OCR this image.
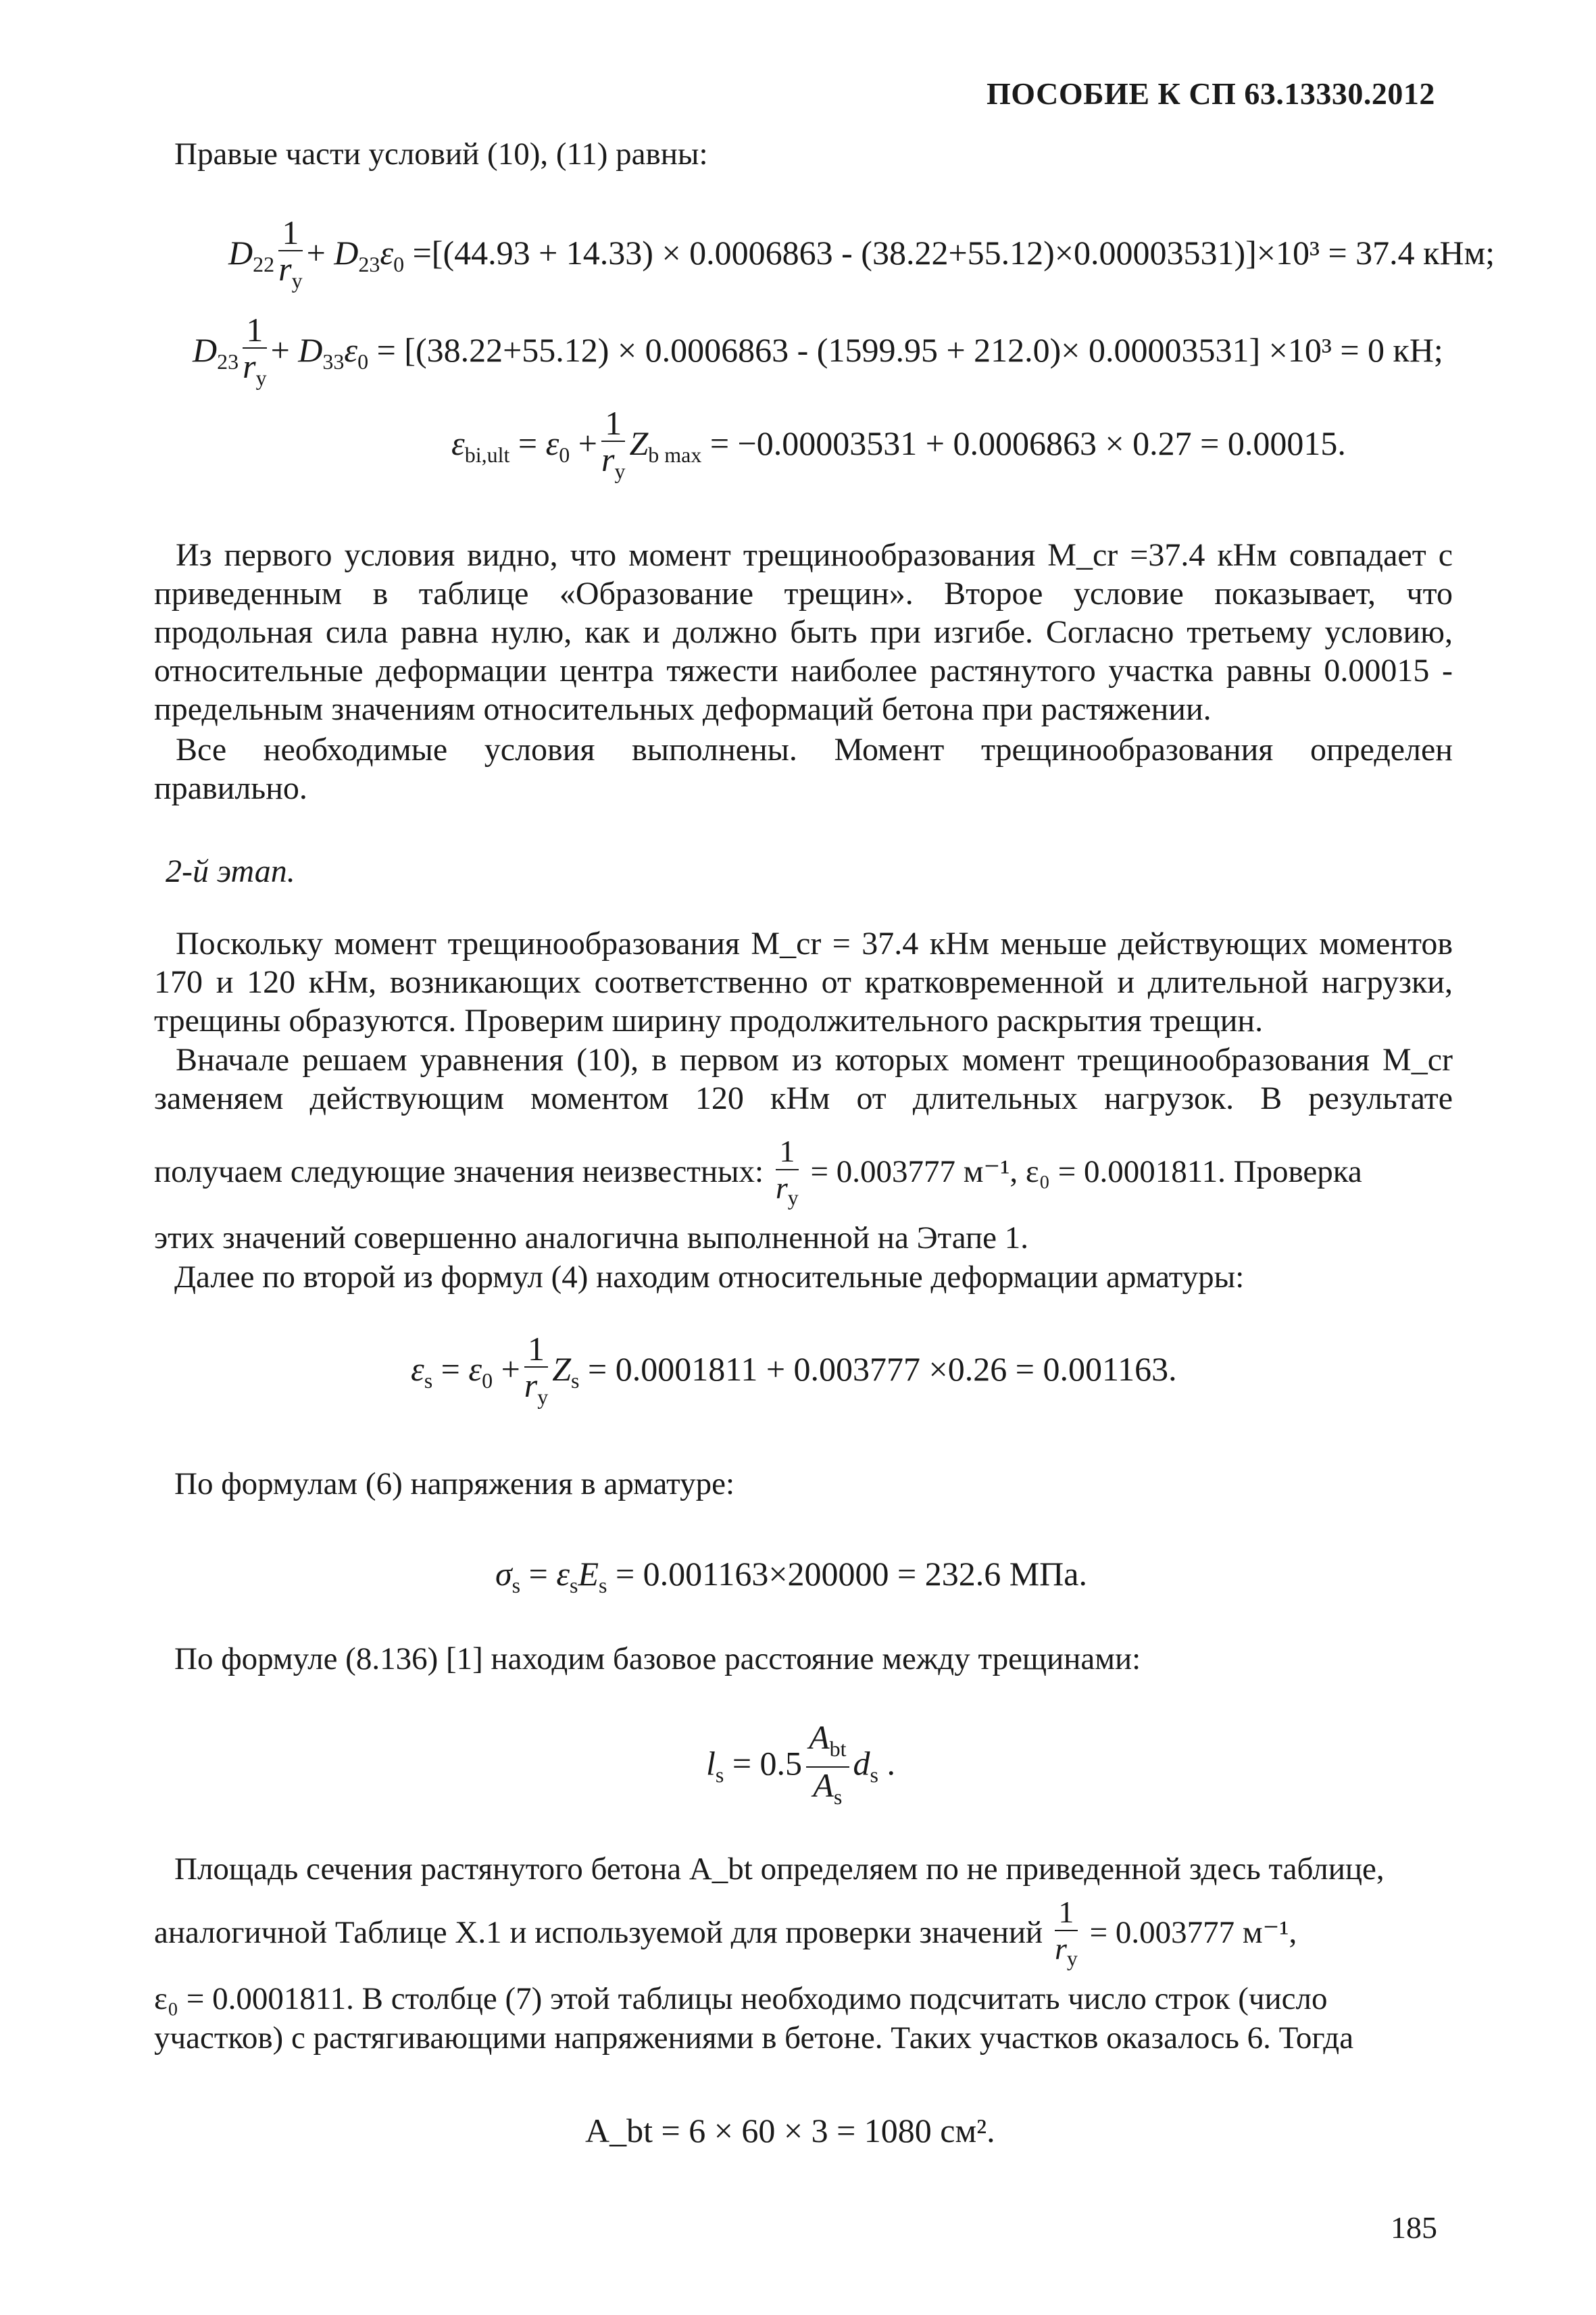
ПОСОБИЕ К СП 63.13330.2012
Правые части условий (10), (11) равны:
$D_{22} \frac{1}{r_y} + D_{23}\varepsilon_0 =[(44.93 + 14.33) \times 0.0006863 - (38.22+55.12)\times 0.00003531)]\times 10^3 = 37.4$ кНм;
$D_{23} \frac{1}{r_y} + D_{33}\varepsilon_0 = [(38.22+55.12) \times 0.0006863 - (1599.95 + 212.0)\times 0.00003531] \times 10^3 = 0$ кН;
$\varepsilon_{bi,ult} = \varepsilon_0 + \frac{1}{r_y} Z_{b max} = -0.00003531 + 0.0006863 \times 0.27 = 0.00015$.
Из первого условия видно, что момент трещинообразования M_cr =37.4 кНм совпадает с
приведенным в таблице «Образование трещин». Второе условие показывает, что
продольная сила равна нулю, как и должно быть при изгибе. Согласно третьему условию,
относительные деформации центра тяжести наиболее растянутого участка равны 0.00015 -
предельным значениям относительных деформаций бетона при растяжении.
Все необходимые условия выполнены. Момент трещинообразования определен
правильно.
2-й этап.
Поскольку момент трещинообразования M_cr = 37.4 кНм меньше действующих моментов
170 и 120 кНм, возникающих соответственно от кратковременной и длительной нагрузки,
трещины образуются. Проверим ширину продолжительного раскрытия трещин.
Вначале решаем уравнения (10), в первом из которых момент трещинообразования M_cr
заменяем действующим моментом 120 кНм от длительных нагрузок. В результате
получаем следующие значения неизвестных: $\frac{1}{r_y} = 0.003777$ м⁻¹, ε₀ = 0.0001811. Проверка
этих значений совершенно аналогична выполненной на Этапе 1.
Далее по второй из формул (4) находим относительные деформации арматуры:
$\varepsilon_s = \varepsilon_0 + \frac{1}{r_y} Z_s = 0.0001811 + 0.003777 \times 0.26 = 0.001163$.
По формулам (6) напряжения в арматуре:
$\sigma_s = \varepsilon_sE_s = 0.001163\times 200000 = 232.6$ МПа.
По формуле (8.136) [1] находим базовое расстояние между трещинами:
$l_s = 0.5 \frac{A_{bt}}{A_s} d_s$ .
Площадь сечения растянутого бетона A_bt определяем по не приведенной здесь таблице,
аналогичной Таблице Х.1 и используемой для проверки значений $\frac{1}{r_y} = 0.003777$ м⁻¹,
ε₀ = 0.0001811. В столбце (7) этой таблицы необходимо подсчитать число строк (число
участков) с растягивающими напряжениями в бетоне. Таких участков оказалось 6. Тогда
A_bt = 6 × 60 × 3 = 1080 см².
185
